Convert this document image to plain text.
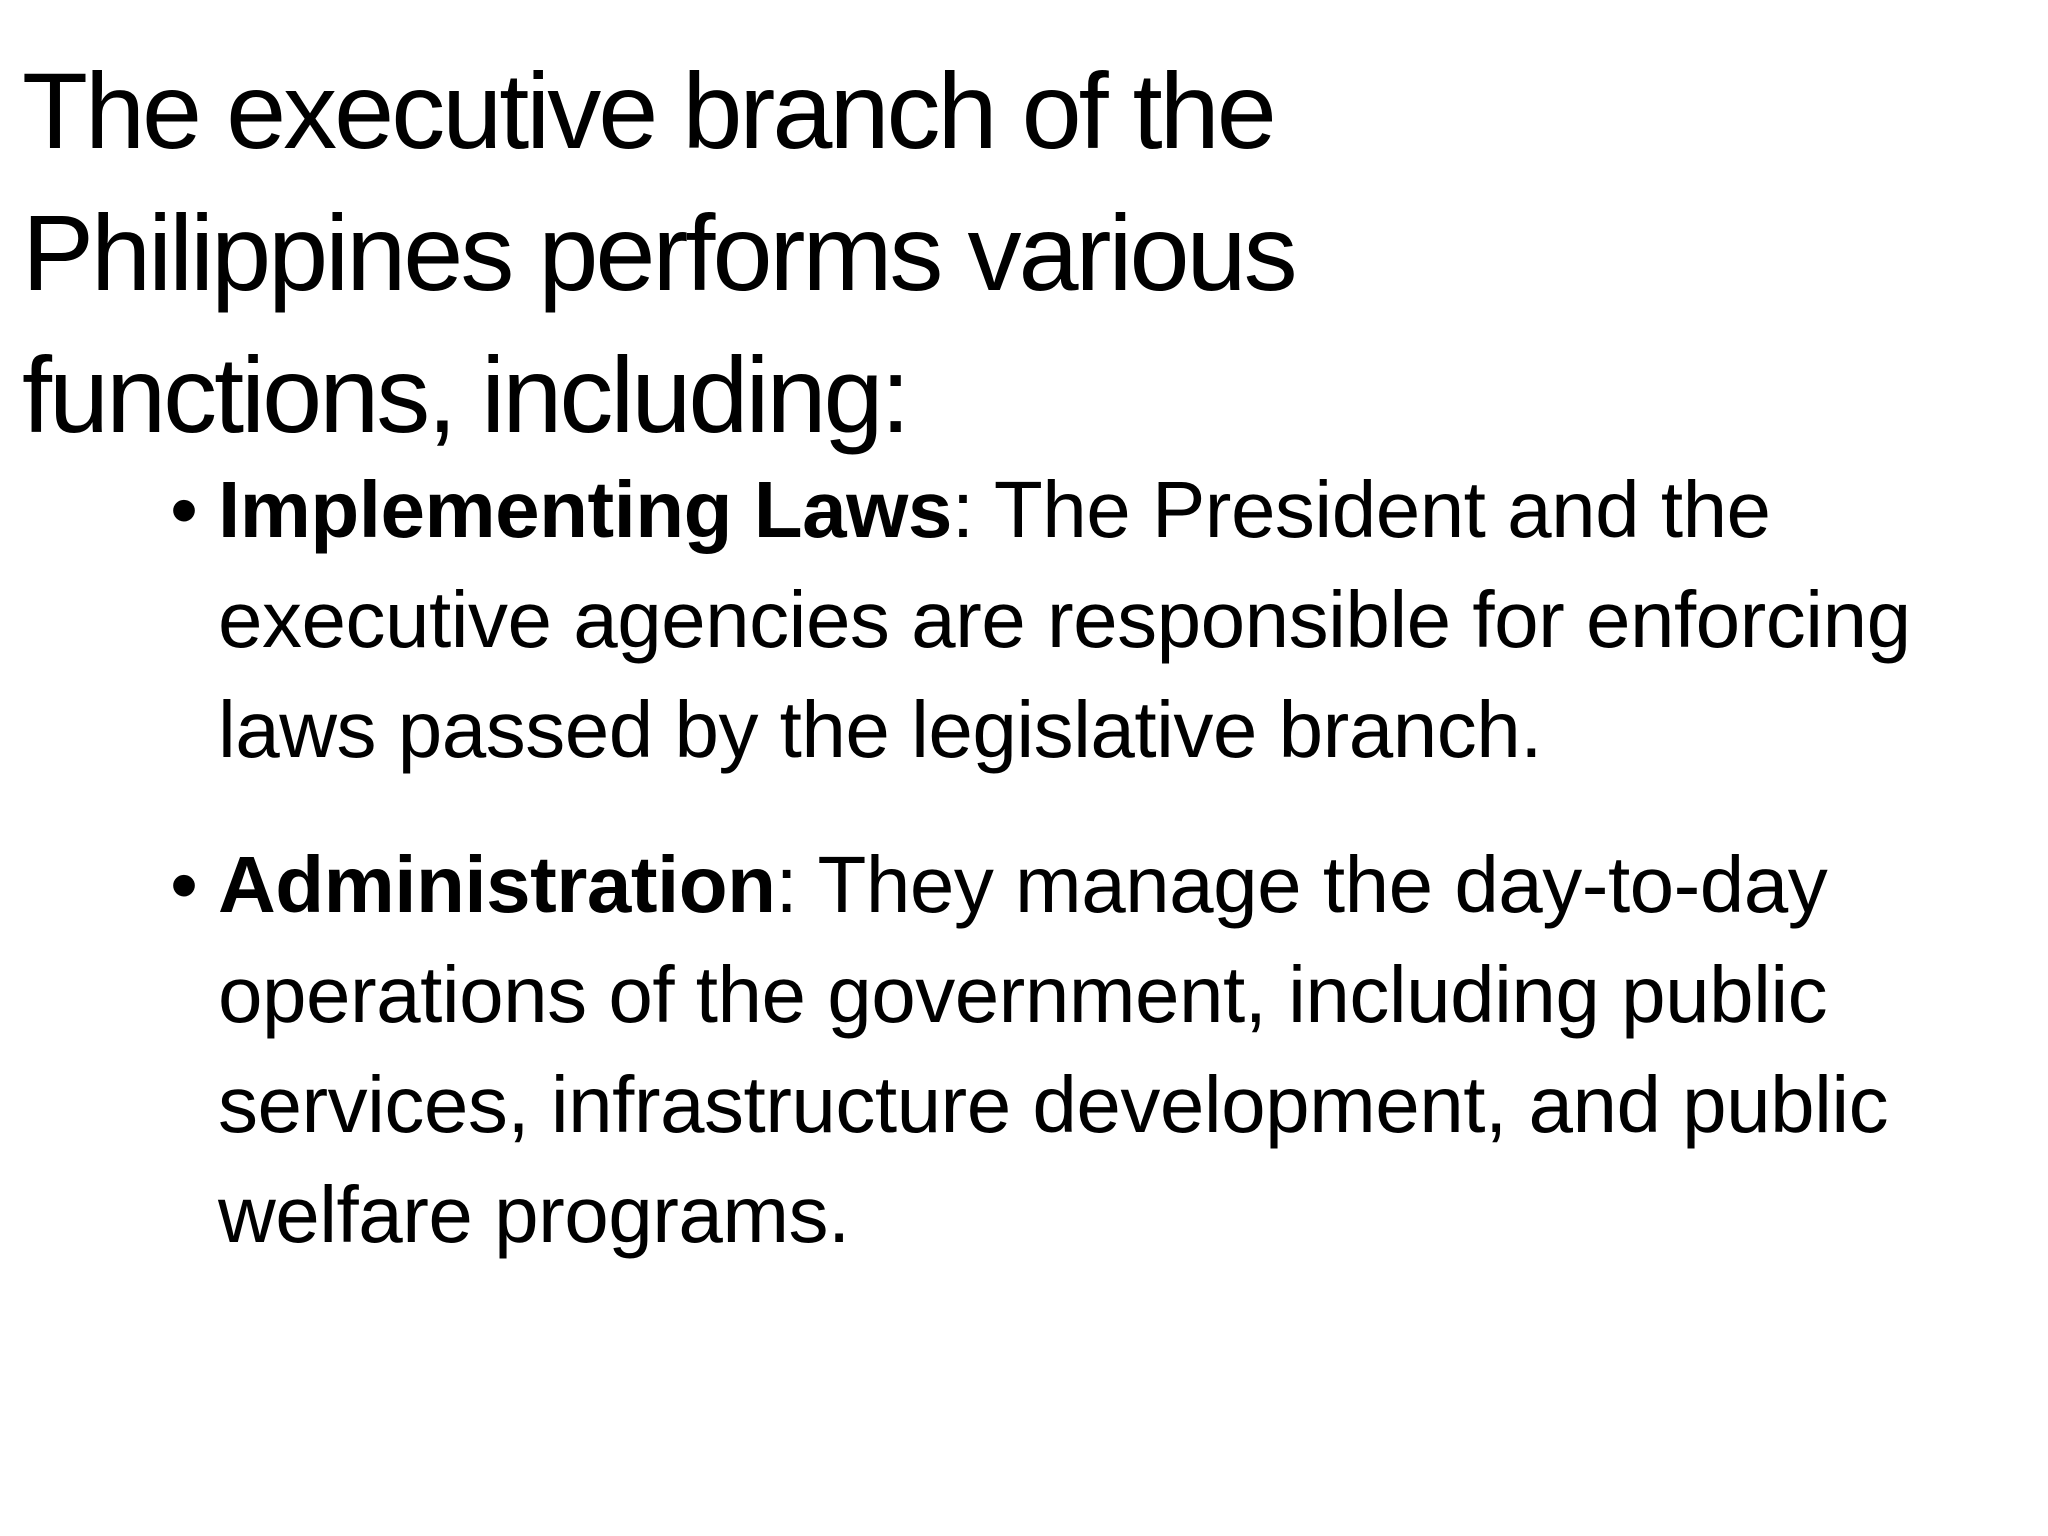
The executive branch of the Philippines performs various functions, including:
• Implementing Laws: The President and the executive agencies are responsible for enforcing laws passed by the legislative branch.
• Administration: They manage the day-to-day operations of the government, including public services, infrastructure development, and public welfare programs.
